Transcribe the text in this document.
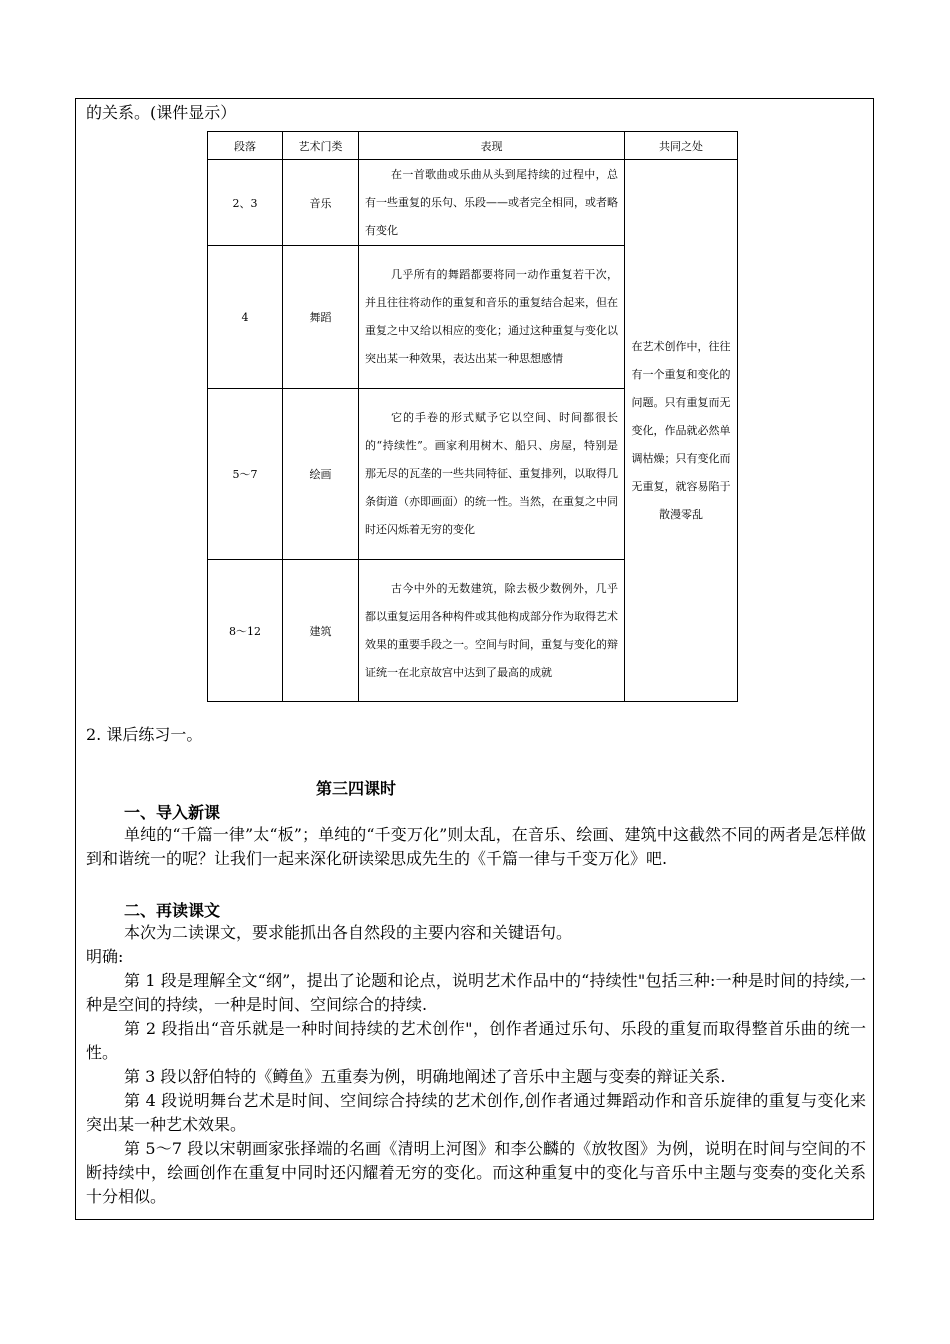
的关系。(课件显示）
段落	艺术门类	表现	共同之处
2、3	音乐	在一首歌曲或乐曲从头到尾持续的过程中，总有一些重复的乐句、乐段——或者完全相同，或者略有变化	在艺术创作中，往往有一个重复和变化的问题。只有重复而无变化，作品就必然单调枯燥；只有变化而无重复，就容易陷于散漫零乱
4	舞蹈	几乎所有的舞蹈都要将同一动作重复若干次，并且往往将动作的重复和音乐的重复结合起来，但在重复之中又给以相应的变化；通过这种重复与变化以突出某一种效果，表达出某一种思想感情	
5～7	绘画	它的手卷的形式赋予它以空间、时间都很长的“持续性”。画家利用树木、船只、房屋，特别是那无尽的瓦垄的一些共同特征、重复排列，以取得几条街道（亦即画面）的统一性。当然，在重复之中同时还闪烁着无穷的变化	
8～12	建筑	古今中外的无数建筑，除去极少数例外，几乎都以重复运用各种构件或其他构成部分作为取得艺术效果的重要手段之一。空间与时间，重复与变化的辩证统一在北京故宫中达到了最高的成就	
2. 课后练习一。
第三四课时
一、导入新课
单纯的“千篇一律”太“板”；单纯的“千变万化”则太乱，在音乐、绘画、建筑中这截然不同的两者是怎样做到和谐统一的呢？让我们一起来深化研读梁思成先生的《千篇一律与千变万化》吧.
二、再读课文
本次为二读课文，要求能抓出各自然段的主要内容和关键语句。
明确:
第 1 段是理解全文“纲”，提出了论题和论点，说明艺术作品中的“持续性"包括三种:一种是时间的持续,一种是空间的持续，一种是时间、空间综合的持续.
第 2 段指出“音乐就是一种时间持续的艺术创作"，创作者通过乐句、乐段的重复而取得整首乐曲的统一性。
第 3 段以舒伯特的《鳟鱼》五重奏为例，明确地阐述了音乐中主题与变奏的辩证关系.
第 4 段说明舞台艺术是时间、空间综合持续的艺术创作,创作者通过舞蹈动作和音乐旋律的重复与变化来突出某一种艺术效果。
第 5～7 段以宋朝画家张择端的名画《清明上河图》和李公麟的《放牧图》为例，说明在时间与空间的不断持续中，绘画创作在重复中同时还闪耀着无穷的变化。而这种重复中的变化与音乐中主题与变奏的变化关系十分相似。
